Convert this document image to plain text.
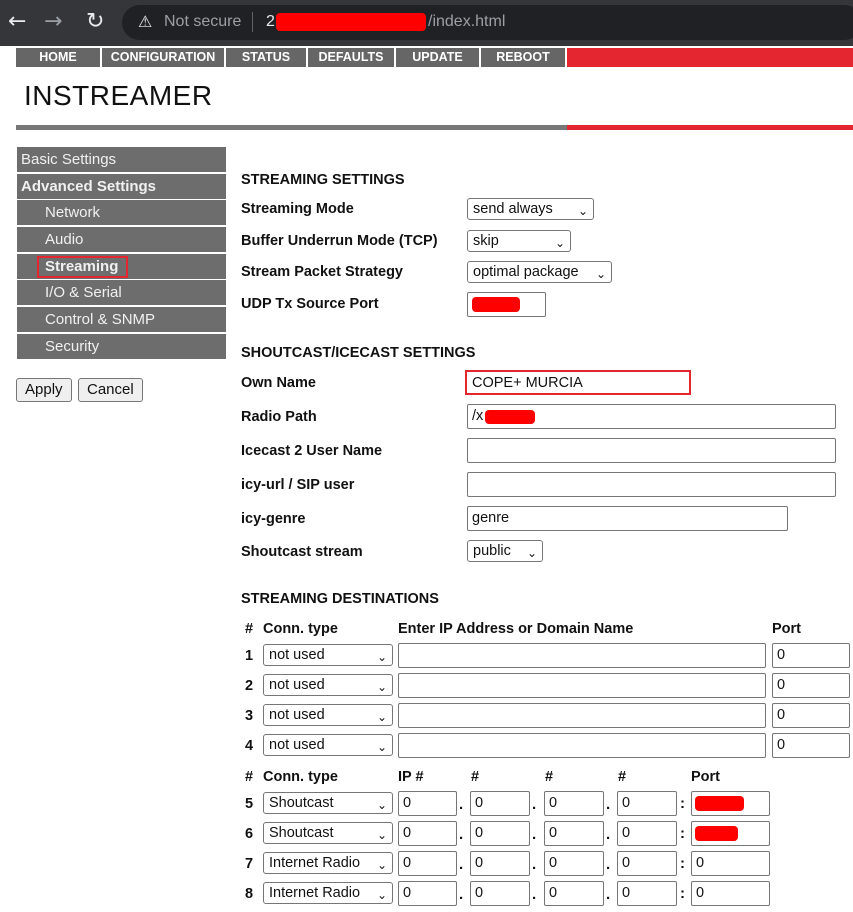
← → ↻ ⚠ Not secure 2	/index.html
HOME	CONFIGURATION	STATUS	DEFAULTS	UPDATE	REBOOT
INSTREAMER
Basic Settings
Advanced Settings
Network
Audio
Streaming
I/O & Serial
Control & SNMP
Security
Apply	Cancel
STREAMING SETTINGS
Streaming Mode	send always ⌄
Buffer Underrun Mode (TCP)	skip	⌄
Stream Packet Strategy	optimal package ⌄
UDP Tx Source Port
SHOUTCAST/ICECAST SETTINGS
Own Name	COPE+ MURCIA
Radio Path	/x
Icecast 2 User Name
icy-url / SIP user
icy-genre	genre
Shoutcast stream	public ⌄
STREAMING DESTINATIONS
# Conn. type	Enter IP Address or Domain Name	Port
1	not used	⌄	0
2	not used	⌄	0
3	not used	⌄	0
4	not used	⌄	0
# Conn. type	IP #	#	#	#	Port
5	Shoutcast	⌄	0	. 0	. 0	. 0	:
6	Shoutcast	⌄	0	. 0	. 0	. 0	:
7	Internet Radio ⌄	0	. 0	. 0	. 0	: 0
8	Internet Radio ⌄	0	. 0	. 0	. 0	: 0
